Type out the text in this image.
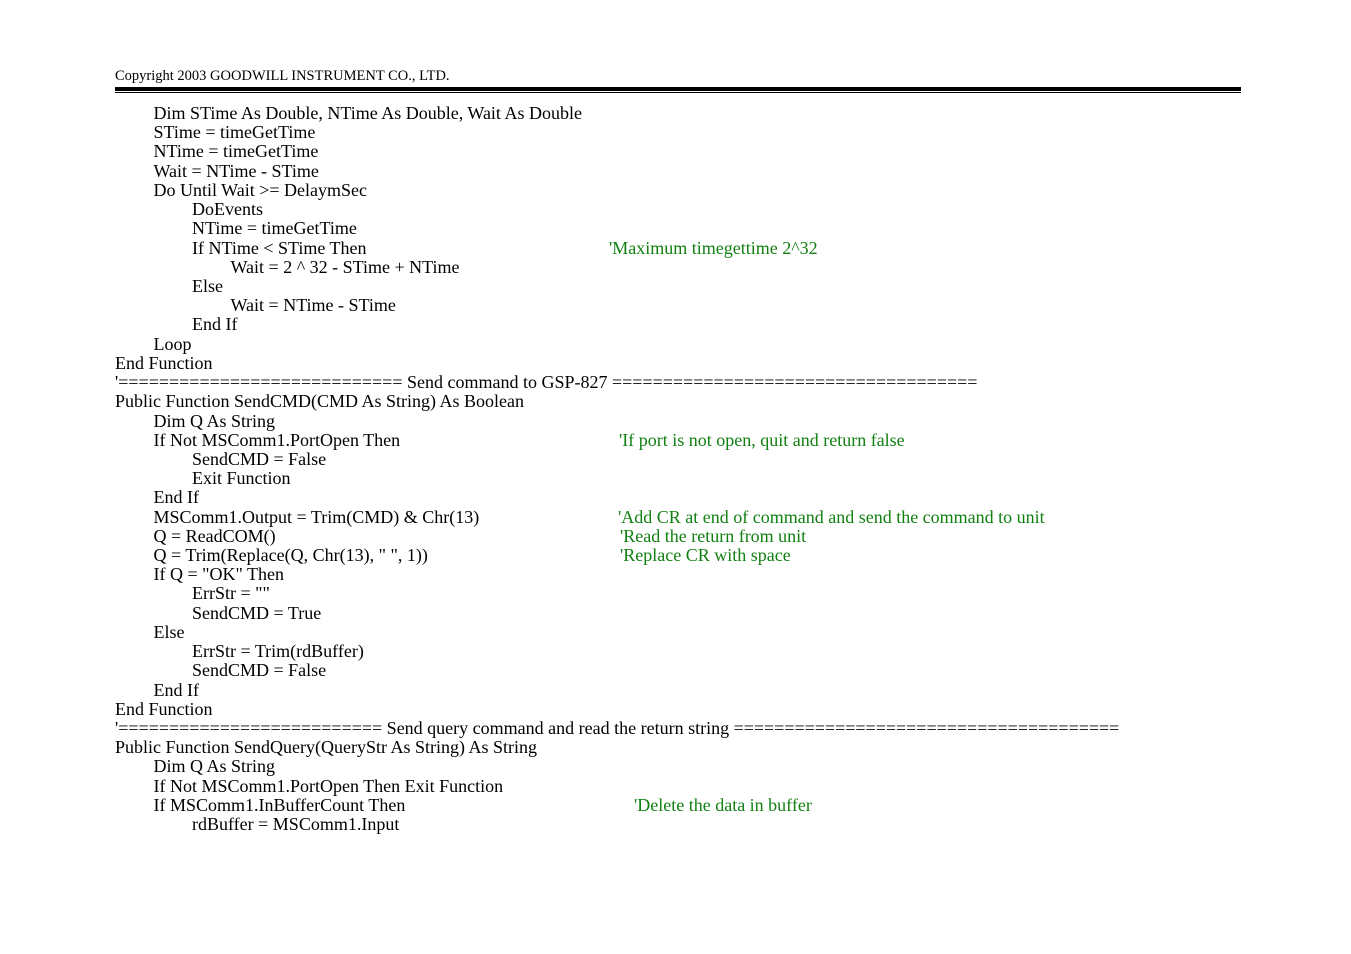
Copyright 2003 GOODWILL INSTRUMENT CO., LTD.
Dim STime As Double, NTime As Double, Wait As Double
STime = timeGetTime
NTime = timeGetTime
Wait = NTime - STime
Do Until Wait >= DelaymSec
DoEvents
NTime = timeGetTime
If NTime < STime Then	'Maximum timegettime 2^32
Wait = 2 ^ 32 - STime + NTime
Else
Wait = NTime - STime
End If
Loop
End Function
'============================ Send command to GSP-827 ====================================
Public Function SendCMD(CMD As String) As Boolean
Dim Q As String
If Not MSComm1.PortOpen Then	'If port is not open, quit and return false
SendCMD = False
Exit Function
End If
MSComm1.Output = Trim(CMD) & Chr(13)	'Add CR at end of command and send the command to unit
Q = ReadCOM()	'Read the return from unit
Q = Trim(Replace(Q, Chr(13), " ", 1))	'Replace CR with space
If Q = "OK" Then
ErrStr = ""
SendCMD = True
Else
ErrStr = Trim(rdBuffer)
SendCMD = False
End If
End Function
'========================== Send query command and read the return string ======================================
Public Function SendQuery(QueryStr As String) As String
Dim Q As String
If Not MSComm1.PortOpen Then Exit Function
If MSComm1.InBufferCount Then	'Delete the data in buffer
rdBuffer = MSComm1.Input
